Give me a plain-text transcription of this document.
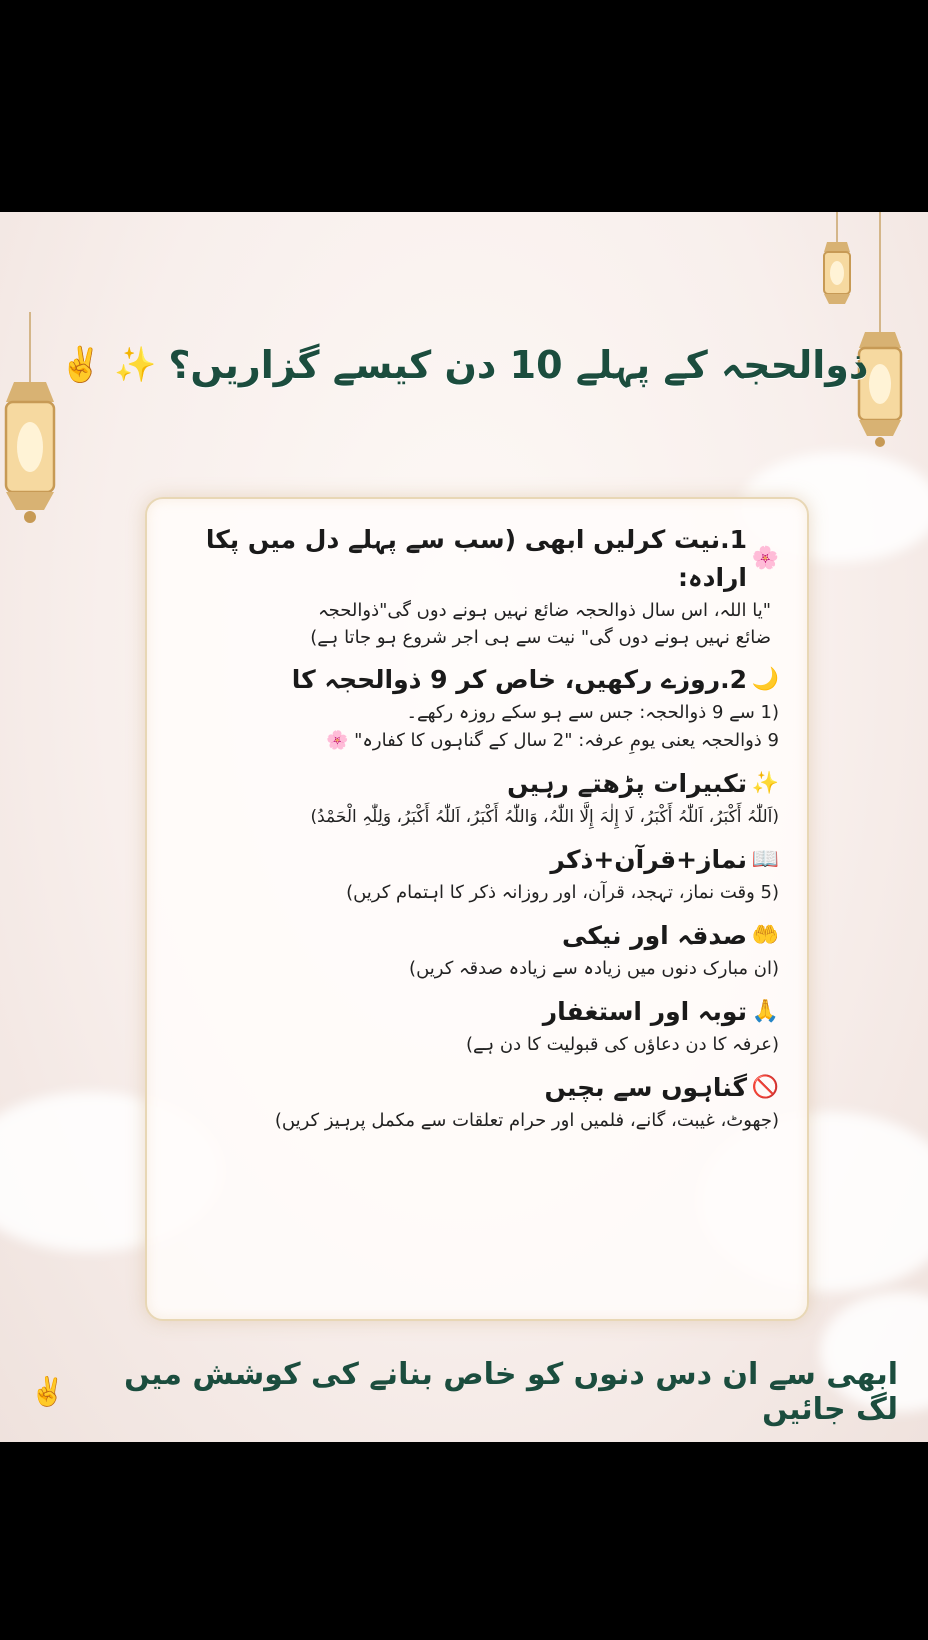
ذوالحجہ کے پہلے 10 دن کیسے گزاریں؟
✨
✌️
🌸
1.نیت کرلیں ابھی (سب سے پہلے دل میں پکا ارادہ:
"یا اللہ، اس سال ذوالحجہ ضائع نہیں ہونے دوں گی"ذوالحجہ
ضائع نہیں ہونے دوں گی" نیت سے ہی اجر شروع ہو جاتا ہے)
🌙
2.روزے رکھیں، خاص کر 9 ذوالحجہ کا
(1 سے 9 ذوالحجہ: جس سے ہو سکے روزہ رکھے۔
9 ذوالحجہ یعنی یومِ عرفہ: "2 سال کے گناہوں کا کفارہ" 🌸
✨
تکبیرات پڑھتے رہیں
(اَللّٰہُ أَكْبَرُ، اَللّٰہُ أَكْبَرُ، لَا إِلٰہَ إِلَّا اللّٰہُ، وَاللّٰہُ أَكْبَرُ، اَللّٰہُ أَكْبَرُ، وَلِلّٰہِ الْحَمْدُ)
📖
نماز+قرآن+ذکر
(5 وقت نماز، تہجد، قرآن، اور روزانہ ذکر کا اہتمام کریں)
🤲
صدقہ اور نیکی
(ان مبارک دنوں میں زیادہ سے زیادہ صدقہ کریں)
🙏
توبہ اور استغفار
(عرفہ کا دن دعاؤں کی قبولیت کا دن ہے)
🚫
گناہوں سے بچیں
(جھوٹ، غیبت، گانے، فلمیں اور حرام تعلقات سے مکمل پرہیز کریں)
ابھی سے ان دس دنوں کو خاص بنانے کی کوشش میں لگ جائیں
✌️
